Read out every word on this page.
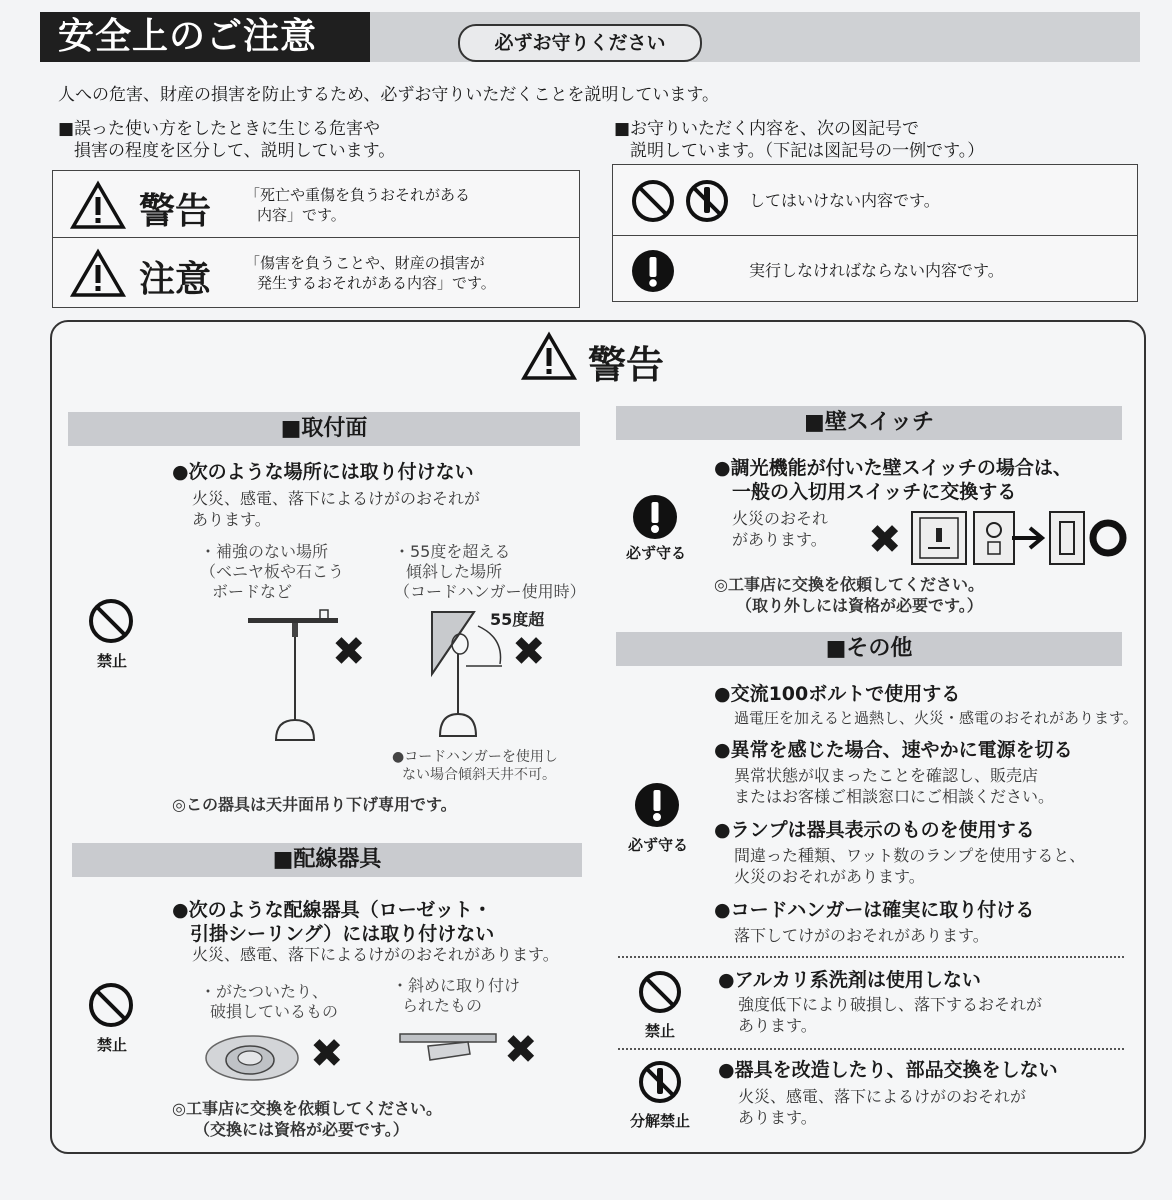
安全上のご注意	必ずお守りください
人への危害、財産の損害を防止するため、必ずお守りいただくことを説明しています。
■誤った使い方をしたときに生じる危害や
損害の程度を区分して、説明しています。
■お守りいただく内容を、次の図記号で
説明しています。（下記は図記号の一例です。）
警告 「死亡や重傷を負うおそれがある
内容」です。
注意 「傷害を負うことや、財産の損害が
発生するおそれがある内容」です。
してはいけない内容です。
実行しなければならない内容です。
警告
■取付面
●次のような場所には取り付けない
火災、感電、落下によるけがのおそれが
あります。
・補強のない場所
（ベニヤ板や石こう
ボードなど
・55度を超える
傾斜した場所
（コードハンガー使用時）
禁止	✖
55度超
✖
●コードハンガーを使用し
ない場合傾斜天井不可。
◎この器具は天井面吊り下げ専用です。
■配線器具
●次のような配線器具（ローゼット・
引掛シーリング）には取り付けない
火災、感電、落下によるけがのおそれがあります。
・がたついたり、
破損しているもの
・斜めに取り付け
られたもの
禁止	✖	✖
◎工事店に交換を依頼してください。
（交換には資格が必要です。）
■壁スイッチ
●調光機能が付いた壁スイッチの場合は、
一般の入切用スイッチに交換する
火災のおそれ
があります。
必ず守る	✖
◎工事店に交換を依頼してください。
（取り外しには資格が必要です。）
■その他
●交流100ボルトで使用する
過電圧を加えると過熱し、火災・感電のおそれがあります。
●異常を感じた場合、速やかに電源を切る
異常状態が収まったことを確認し、販売店
またはお客様ご相談窓口にご相談ください。
必ず守る
●ランプは器具表示のものを使用する
間違った種類、ワット数のランプを使用すると、
火災のおそれがあります。
●コードハンガーは確実に取り付ける
落下してけがのおそれがあります。
禁止
●アルカリ系洗剤は使用しない
強度低下により破損し、落下するおそれが
あります。
分解禁止
●器具を改造したり、部品交換をしない
火災、感電、落下によるけがのおそれが
あります。
